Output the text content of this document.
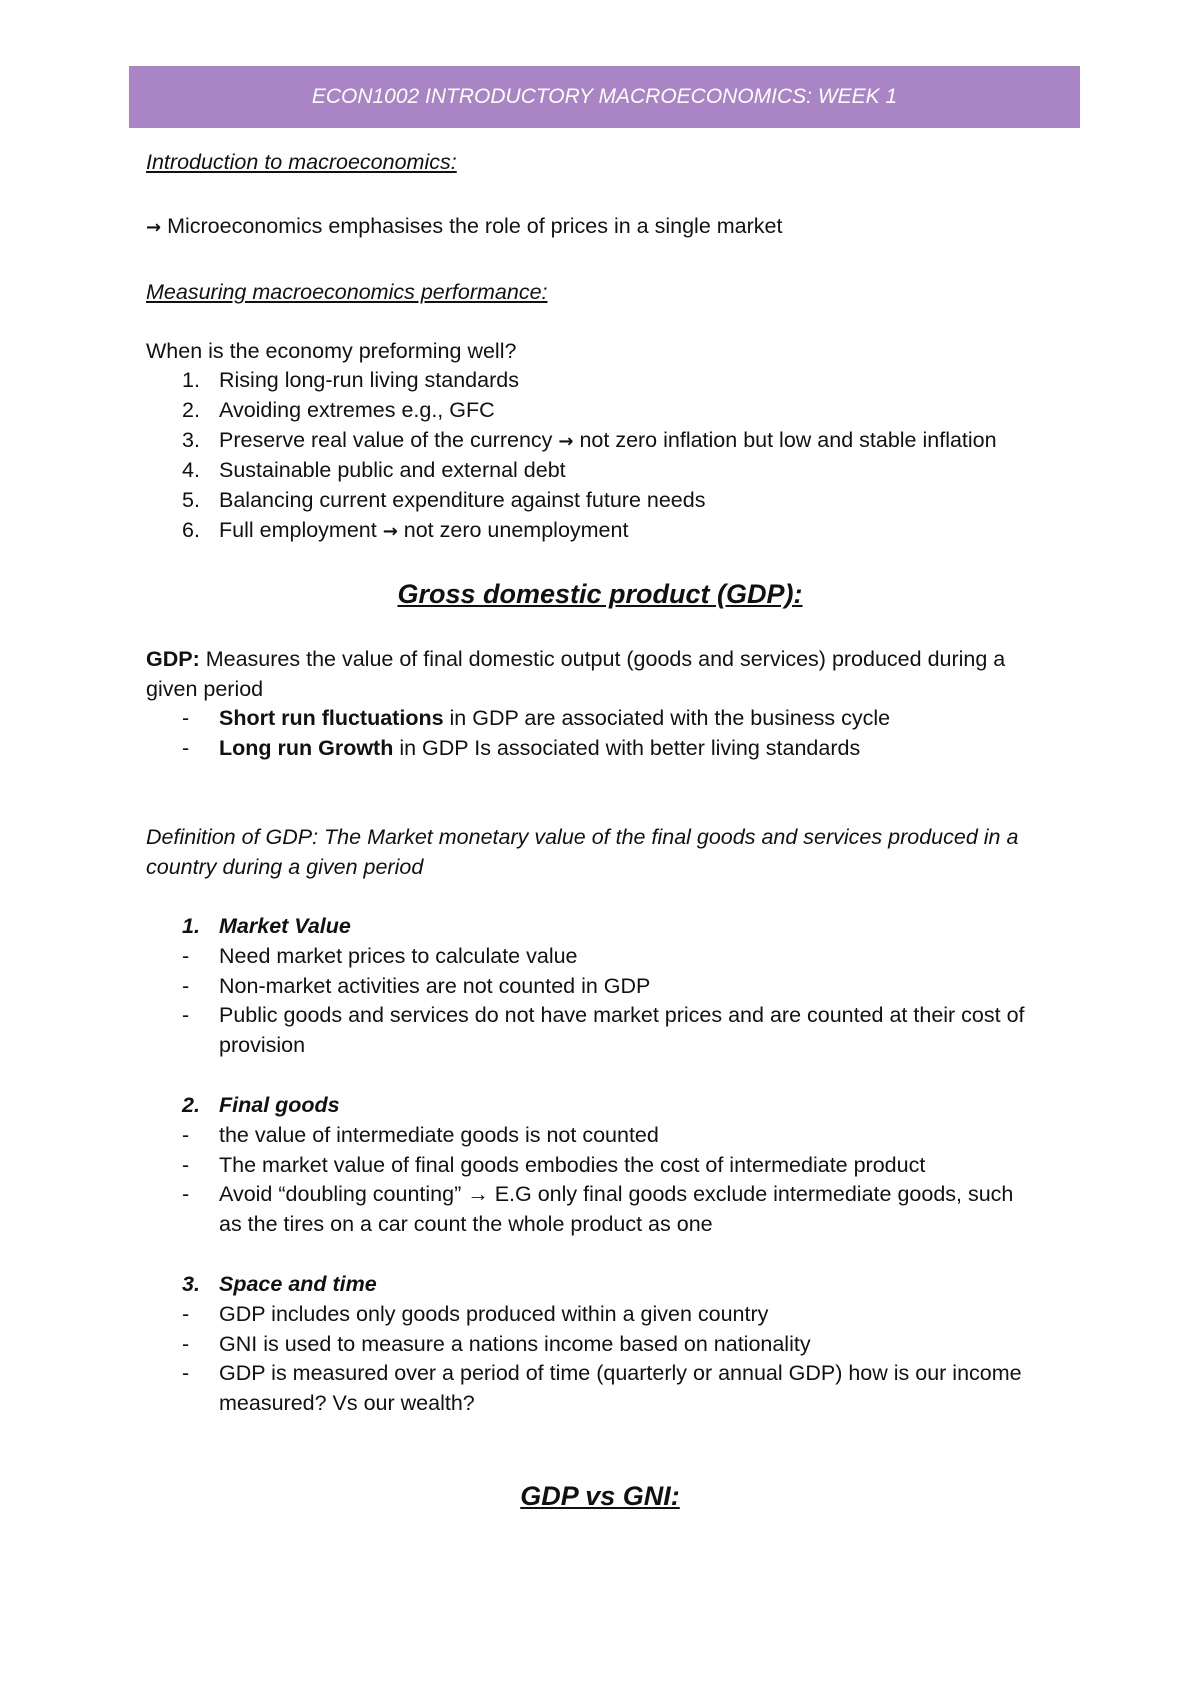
ECON1002 INTRODUCTORY MACROECONOMICS: WEEK 1
Introduction to macroeconomics:
→ Microeconomics emphasises the role of prices in a single market
Measuring macroeconomics performance:
When is the economy preforming well?
1. Rising long-run living standards
2. Avoiding extremes e.g., GFC
3. Preserve real value of the currency → not zero inflation but low and stable inflation
4. Sustainable public and external debt
5. Balancing current expenditure against future needs
6. Full employment → not zero unemployment
Gross domestic product (GDP):
GDP: Measures the value of final domestic output (goods and services) produced during a
given period
- Short run fluctuations in GDP are associated with the business cycle
- Long run Growth in GDP Is associated with better living standards
Definition of GDP: The Market monetary value of the final goods and services produced in a
country during a given period
1. Market Value
- Need market prices to calculate value
- Non-market activities are not counted in GDP
- Public goods and services do not have market prices and are counted at their cost of
provision
2. Final goods
- the value of intermediate goods is not counted
- The market value of final goods embodies the cost of intermediate product
- Avoid “doubling counting” → E.G only final goods exclude intermediate goods, such
as the tires on a car count the whole product as one
3. Space and time
- GDP includes only goods produced within a given country
- GNI is used to measure a nations income based on nationality
- GDP is measured over a period of time (quarterly or annual GDP) how is our income
measured? Vs our wealth?
GDP vs GNI:
